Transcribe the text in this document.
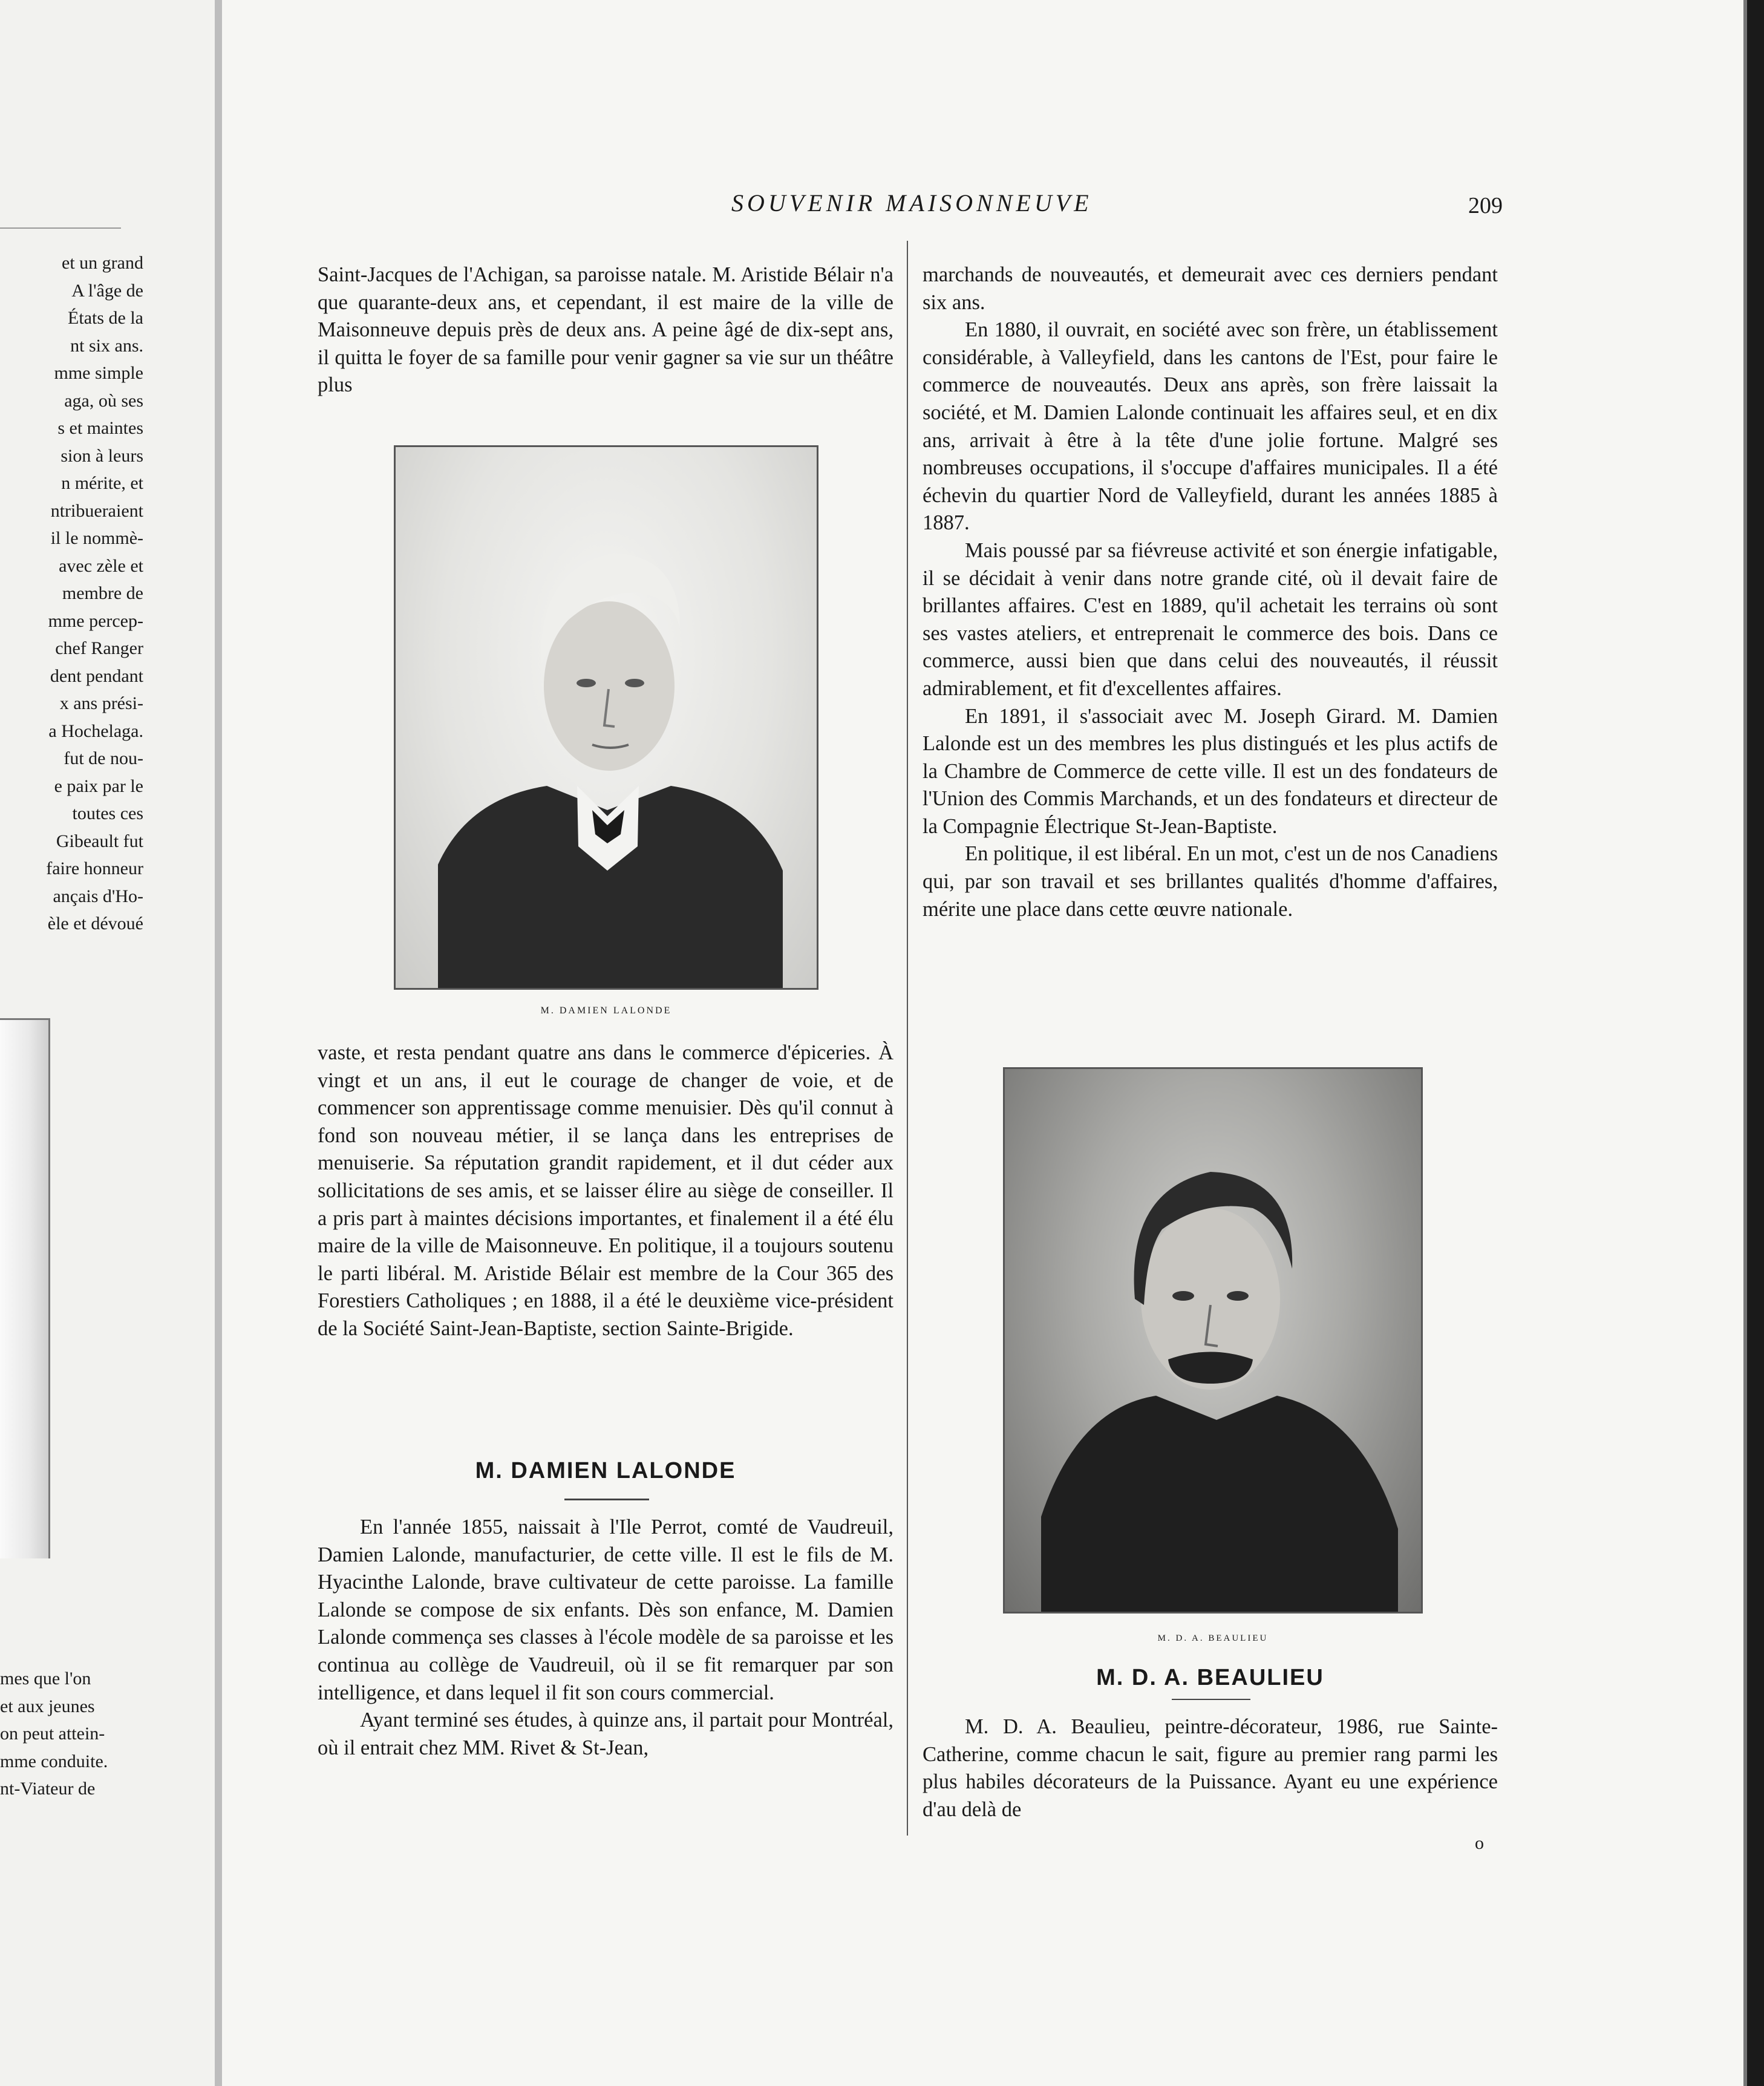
et un grand
A l'âge de
États de la
nt six ans.
mme simple
aga, où ses
s et maintes
sion à leurs
n mérite, et
ntribueraient
il le nommè-
avec zèle et
membre de
mme percep-
chef Ranger
dent pendant
x ans prési-
a Hochelaga.
fut de nou-
e paix par le
toutes ces
Gibeault fut
faire honneur
ançais d'Ho-
èle et dévoué
mes que l'on
et aux jeunes
on peut attein-
mme conduite.
nt-Viateur de
SOUVENIR MAISONNEUVE	209

Saint-Jacques de l'Achigan, sa paroisse natale. M. Aristide Bélair n'a que quarante-deux ans, et cependant, il est maire de la ville de Maisonneuve depuis près de deux ans. A peine âgé de dix-sept ans, il quitta le foyer de sa famille pour venir gagner sa vie sur un théâtre plus

M. DAMIEN LALONDE

vaste, et resta pendant quatre ans dans le commerce d'épiceries. À vingt et un ans, il eut le courage de changer de voie, et de commencer son apprentissage comme menuisier. Dès qu'il connut à fond son nouveau métier, il se lança dans les entreprises de menuiserie. Sa réputation grandit rapidement, et il dut céder aux sollicitations de ses amis, et se laisser élire au siège de conseiller. Il a pris part à maintes décisions importantes, et finalement il a été élu maire de la ville de Maisonneuve. En politique, il a toujours soutenu le parti libéral. M. Aristide Bélair est membre de la Cour 365 des Forestiers Catholiques ; en 1888, il a été le deuxième vice-président de la Société Saint-Jean-Baptiste, section Sainte-Brigide.

M. DAMIEN LALONDE

En l'année 1855, naissait à l'Ile Perrot, comté de Vaudreuil, Damien Lalonde, manufacturier, de cette ville. Il est le fils de M. Hyacinthe Lalonde, brave cultivateur de cette paroisse. La famille Lalonde se compose de six enfants. Dès son enfance, M. Damien Lalonde commença ses classes à l'école modèle de sa paroisse et les continua au collège de Vaudreuil, où il se fit remarquer par son intelligence, et dans lequel il fit son cours commercial.

Ayant terminé ses études, à quinze ans, il partait pour Montréal, où il entrait chez MM. Rivet & St-Jean,

marchands de nouveautés, et demeurait avec ces derniers pendant six ans.

En 1880, il ouvrait, en société avec son frère, un établissement considérable, à Valleyfield, dans les cantons de l'Est, pour faire le commerce de nouveautés. Deux ans après, son frère laissait la société, et M. Damien Lalonde continuait les affaires seul, et en dix ans, arrivait à être à la tête d'une jolie fortune. Malgré ses nombreuses occupations, il s'occupe d'affaires municipales. Il a été échevin du quartier Nord de Valleyfield, durant les années 1885 à 1887.

Mais poussé par sa fiévreuse activité et son énergie infatigable, il se décidait à venir dans notre grande cité, où il devait faire de brillantes affaires. C'est en 1889, qu'il achetait les terrains où sont ses vastes ateliers, et entreprenait le commerce des bois. Dans ce commerce, aussi bien que dans celui des nouveautés, il réussit admirablement, et fit d'excellentes affaires.

En 1891, il s'associait avec M. Joseph Girard. M. Damien Lalonde est un des membres les plus distingués et les plus actifs de la Chambre de Commerce de cette ville. Il est un des fondateurs de l'Union des Commis Marchands, et un des fondateurs et directeur de la Compagnie Électrique St-Jean-Baptiste.

En politique, il est libéral. En un mot, c'est un de nos Canadiens qui, par son travail et ses brillantes qualités d'homme d'affaires, mérite une place dans cette œuvre nationale.

M. D. A. BEAULIEU
M. D. A. BEAULIEU

M. D. A. Beaulieu, peintre-décorateur, 1986, rue Sainte-Catherine, comme chacun le sait, figure au premier rang parmi les plus habiles décorateurs de la Puissance. Ayant eu une expérience d'au delà de

o
